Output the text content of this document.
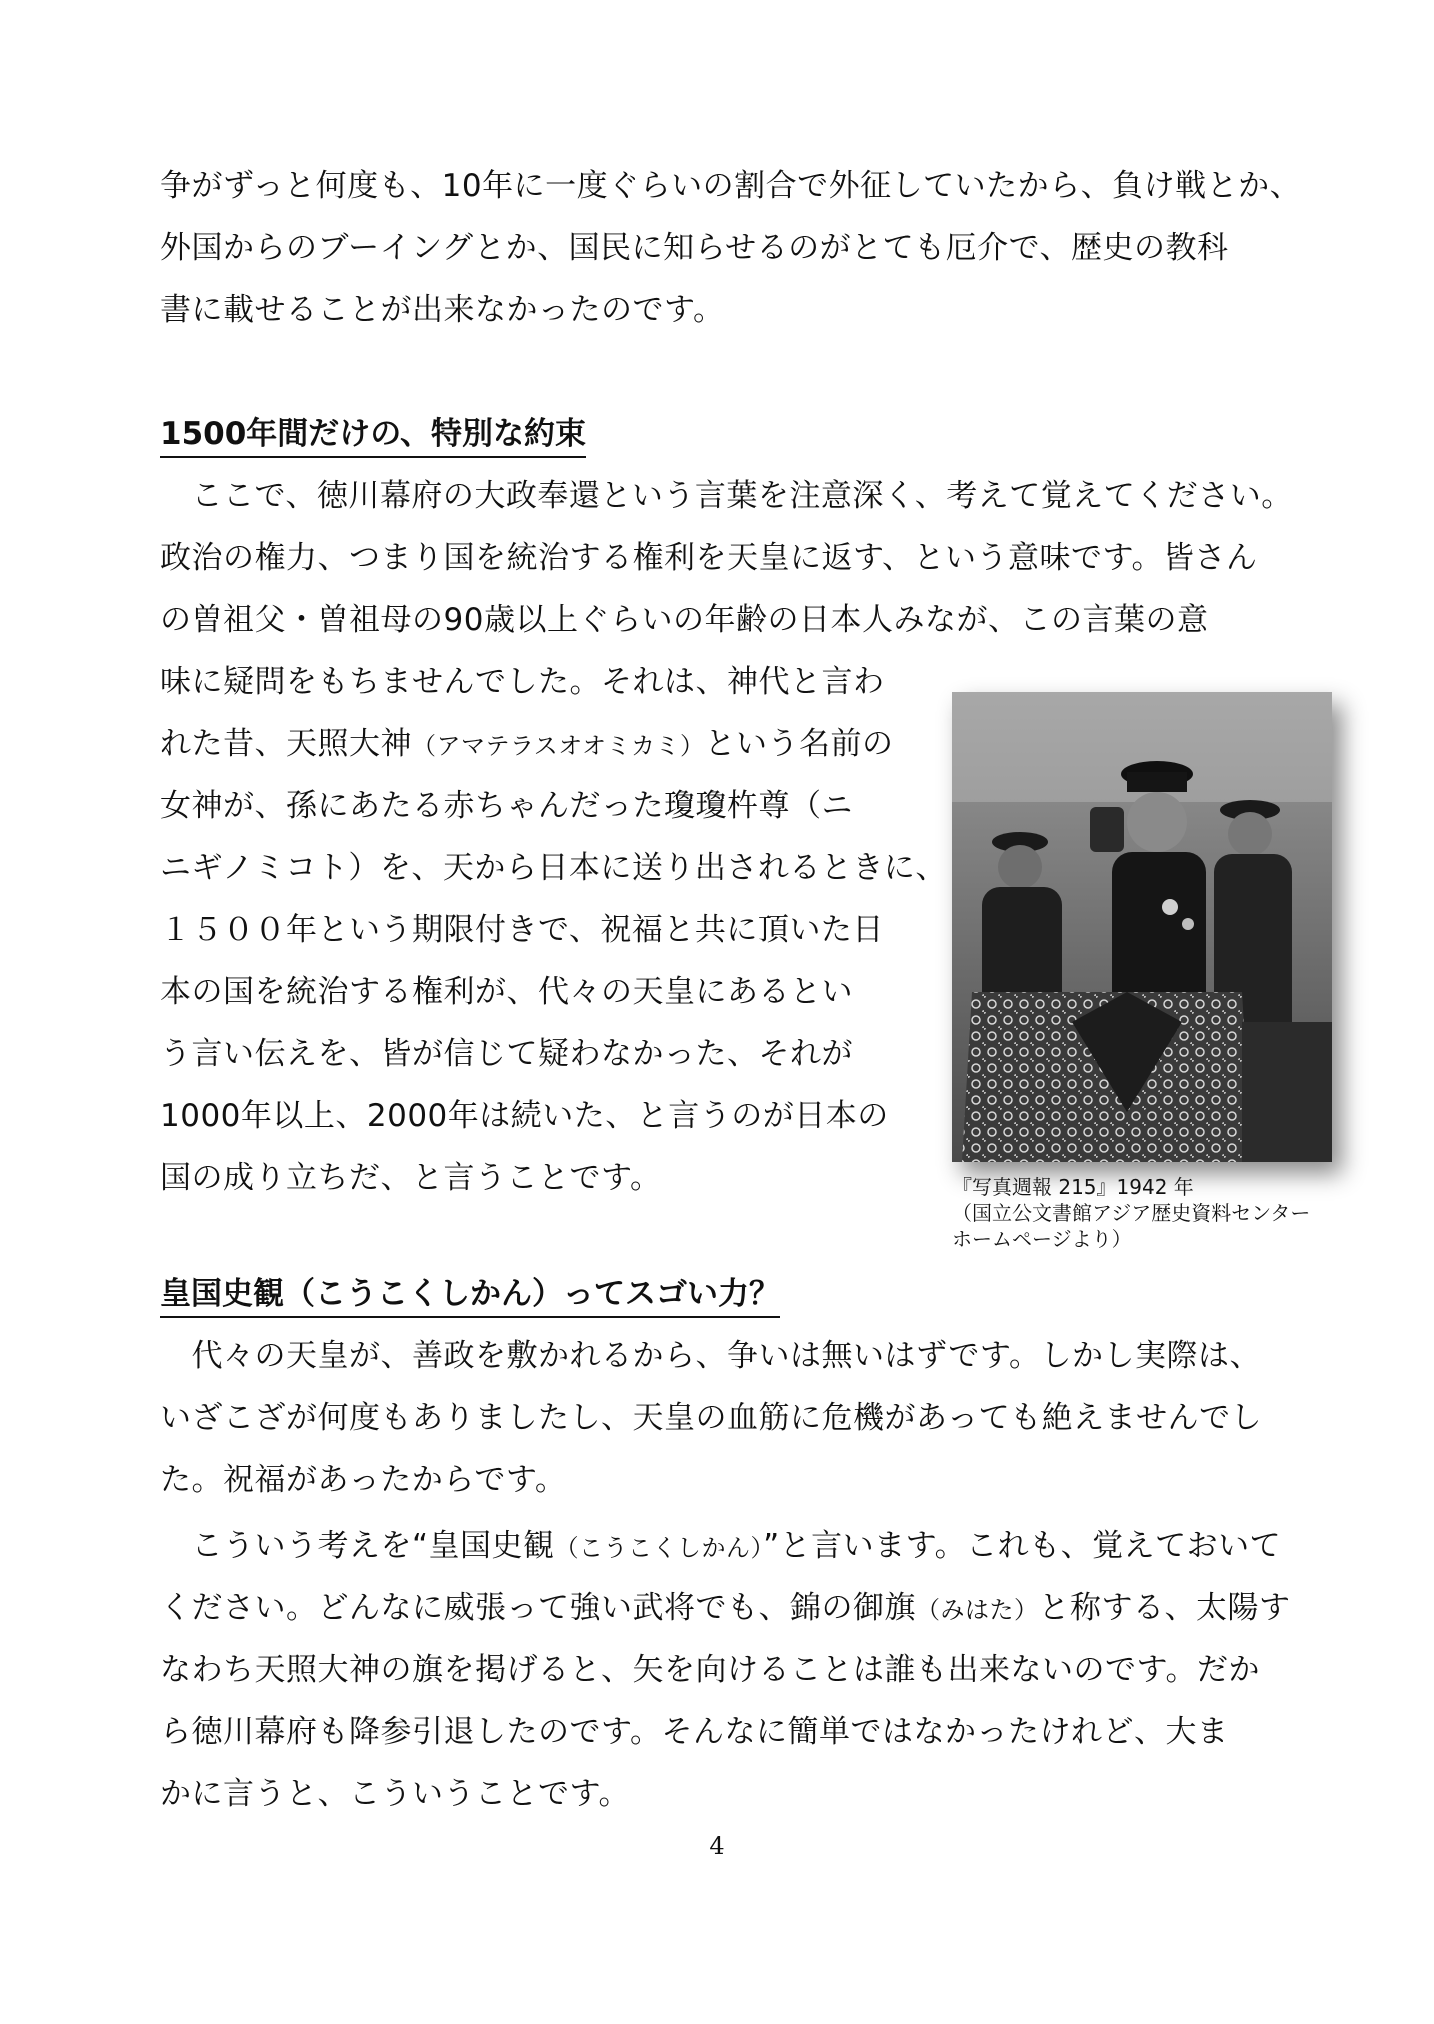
争がずっと何度も、10年に一度ぐらいの割合で外征していたから、負け戦とか、
外国からのブーイングとか、国民に知らせるのがとても厄介で、歴史の教科
書に載せることが出来なかったのです。
1500年間だけの、特別な約束
　ここで、徳川幕府の大政奉還という言葉を注意深く、考えて覚えてください。
政治の権力、つまり国を統治する権利を天皇に返す、という意味です。皆さん
の曽祖父・曽祖母の90歳以上ぐらいの年齢の日本人みなが、この言葉の意
味に疑問をもちませんでした。それは、神代と言わ
れた昔、天照大神（アマテラスオオミカミ）という名前の
女神が、孫にあたる赤ちゃんだった瓊瓊杵尊（ニ
ニギノミコト）を、天から日本に送り出されるときに、
１５００年という期限付きで、祝福と共に頂いた日
本の国を統治する権利が、代々の天皇にあるとい
う言い伝えを、皆が信じて疑わなかった、それが
1000年以上、2000年は続いた、と言うのが日本の
国の成り立ちだ、と言うことです。	『写真週報 215』1942 年
（国立公文書館アジア歴史資料センター
ホームページより）
皇国史観（こうこくしかん）ってスゴい力？
　代々の天皇が、善政を敷かれるから、争いは無いはずです。しかし実際は、
いざこざが何度もありましたし、天皇の血筋に危機があっても絶えませんでし
た。祝福があったからです。
　こういう考えを“皇国史観（こうこくしかん）”と言います。これも、覚えておいて
ください。どんなに威張って強い武将でも、錦の御旗（みはた）と称する、太陽す
なわち天照大神の旗を掲げると、矢を向けることは誰も出来ないのです。だか
ら徳川幕府も降参引退したのです。そんなに簡単ではなかったけれど、大ま
かに言うと、こういうことです。
4
